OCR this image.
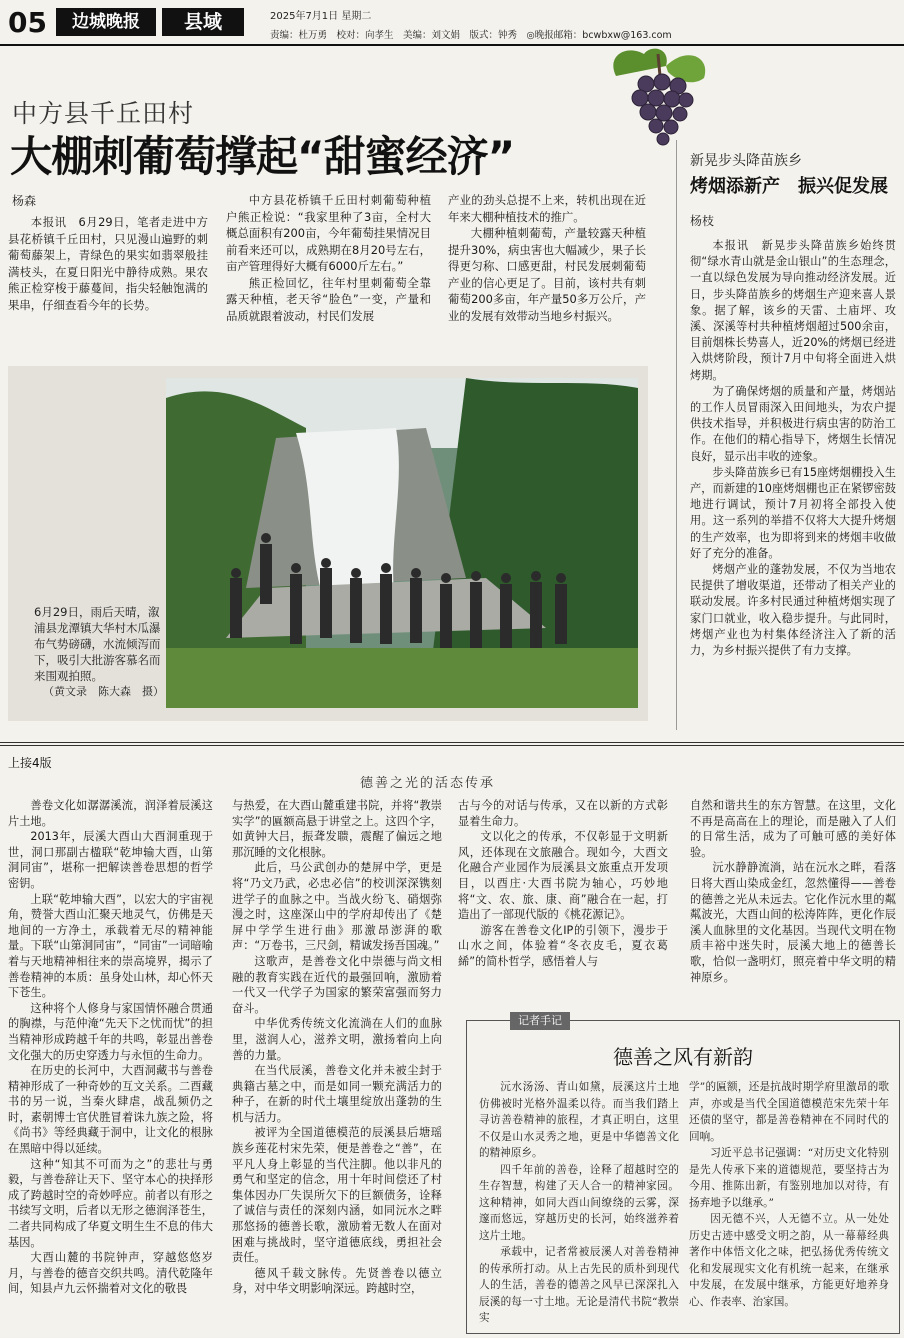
05	边城晚报	县域	2025年7月1日 星期二
责编：杜万勇　校对：向孝生　美编：刘文娟　版式：钟秀　◎晚报邮箱：bcwbxw@163.com
中方县千丘田村
大棚刺葡萄撑起“甜蜜经济”
杨森

本报讯　6月29日，笔者走进中方县花桥镇千丘田村，只见漫山遍野的刺葡萄藤架上，青绿色的果实如翡翠般挂满枝头，在夏日阳光中静待成熟。果农熊正检穿梭于藤蔓间，指尖轻触饱满的果串，仔细查看今年的长势。

中方县花桥镇千丘田村刺葡萄种植户熊正检说：“我家里种了3亩，全村大概总面积有200亩，今年葡萄挂果情况目前看来还可以，成熟期在8月20号左右，亩产管理得好大概有6000斤左右。”

熊正检回忆，往年村里刺葡萄全靠露天种植，老天爷“脸色”一变，产量和品质就跟着波动，村民们发展

产业的劲头总提不上来，转机出现在近年来大棚种植技术的推广。

大棚种植刺葡萄，产量较露天种植提升30%，病虫害也大幅减少，果子长得更匀称、口感更甜，村民发展刺葡萄产业的信心更足了。目前，该村共有刺葡萄200多亩，年产量50多万公斤，产业的发展有效带动当地乡村振兴。

新晃步头降苗族乡
烤烟添新产　振兴促发展
杨枝

本报讯　新晃步头降苗族乡始终贯彻“绿水青山就是金山银山”的生态理念，一直以绿色发展为导向推动经济发展。近日，步头降苗族乡的烤烟生产迎来喜人景象。据了解，该乡的天雷、土庙坪、攻溪、深溪等村共种植烤烟超过500余亩，目前烟株长势喜人，近20%的烤烟已经进入烘烤阶段，预计7月中旬将全面进入烘烤期。

为了确保烤烟的质量和产量，烤烟站的工作人员冒雨深入田间地头，为农户提供技术指导，并积极进行病虫害的防治工作。在他们的精心指导下，烤烟生长情况良好，显示出丰收的迹象。

步头降苗族乡已有15座烤烟棚投入生产，而新建的10座烤烟棚也正在紧锣密鼓地进行调试，预计7月初将全部投入使用。这一系列的举措不仅将大大提升烤烟的生产效率，也为即将到来的烤烟丰收做好了充分的准备。

烤烟产业的蓬勃发展，不仅为当地农民提供了增收渠道，还带动了相关产业的联动发展。许多村民通过种植烤烟实现了家门口就业，收入稳步提升。与此同时，烤烟产业也为村集体经济注入了新的活力，为乡村振兴提供了有力支撑。

6月29日，雨后天晴，溆浦县龙潭镇大华村木瓜瀑布气势磅礴，水流倾泻而下，吸引大批游客慕名而来围观拍照。
（黄文录　陈大森　摄）
上接4版
德善之光的活态传承

善卷文化如潺潺溪流，润泽着辰溪这片土地。

2013年，辰溪大酉山大酉洞重现于世，洞口那副古楹联“乾坤输大酉，山第洞同宙”，堪称一把解读善卷思想的哲学密钥。

上联“乾坤输大酉”，以宏大的宇宙视角，赞誉大酉山汇聚天地灵气，仿佛是天地间的一方净土，承载着无尽的精神能量。下联“山第洞同宙”，“同宙”一词暗喻着与天地精神相往来的崇高境界，揭示了善卷精神的本质：虽身处山林，却心怀天下苍生。

这种将个人修身与家国情怀融合贯通的胸襟，与范仲淹“先天下之忧而忧”的担当精神形成跨越千年的共鸣，彰显出善卷文化强大的历史穿透力与永恒的生命力。

在历史的长河中，大酉洞藏书与善卷精神形成了一种奇妙的互文关系。二酉藏书的另一说，当秦火肆虐，战乱频仍之时，素朝博士官伏胜冒着诛九族之险，将《尚书》等经典藏于洞中，让文化的根脉在黑暗中得以延续。

这种“知其不可而为之”的悲壮与勇毅，与善卷辞让天下、坚守本心的抉择形成了跨越时空的奇妙呼应。前者以有形之书续写文明，后者以无形之德润泽苍生，二者共同构成了华夏文明生生不息的伟大基因。

大酉山麓的书院钟声，穿越悠悠岁月，与善卷的德音交织共鸣。清代乾隆年间，知县卢九云怀揣着对文化的敬畏

与热爱，在大酉山麓重建书院，并将“教崇实学”的匾额高悬于讲堂之上。这四个字，如黄钟大吕，振聋发聩，震醒了偏远之地那沉睡的文化根脉。

此后，马公武创办的楚屏中学，更是将“乃文乃武，必忠必信”的校训深深镌刻进学子的血脉之中。当战火纷飞、硝烟弥漫之时，这座深山中的学府却传出了《楚屏中学学生进行曲》那激昂澎湃的歌声：“万卷书，三尺剑，精诚发扬吾国魂。”

这歌声，是善卷文化中崇德与尚文相融的教育实践在近代的最强回响，激励着一代又一代学子为国家的繁荣富强而努力奋斗。

中华优秀传统文化流淌在人们的血脉里，滋润人心，滋养文明，激扬着向上向善的力量。

在当代辰溪，善卷文化并未被尘封于典籍古墓之中，而是如同一颗充满活力的种子，在新的时代土壤里绽放出蓬勃的生机与活力。

被评为全国道德模范的辰溪县后塘瑶族乡莲花村宋先荣，便是善卷之“善”，在平凡人身上彰显的当代注脚。他以非凡的勇气和坚定的信念，用十年时间偿还了村集体因办厂失误所欠下的巨额债务，诠释了诚信与责任的深刻内涵，如同沅水之畔那悠扬的德善长歌，激励着无数人在面对困难与挑战时，坚守道德底线，勇担社会责任。

德风千载文脉传。先贤善卷以德立身，对中华文明影响深远。跨越时空，

古与今的对话与传承，又在以新的方式彰显着生命力。

文以化之的传承，不仅彰显于文明新风，还体现在文旅融合。现如今，大酉文化融合产业园作为辰溪县文旅重点开发项目，以酉庄·大酉书院为轴心，巧妙地将“文、农、旅、康、商”融合在一起，打造出了一部现代版的《桃花源记》。

游客在善卷文化IP的引领下，漫步于山水之间，体验着“冬衣皮毛，夏衣葛絺”的简朴哲学，感悟着人与

自然和谐共生的东方智慧。在这里，文化不再是高高在上的理论，而是融入了人们的日常生活，成为了可触可感的美好体验。

沅水静静流淌，站在沅水之畔，看落日将大酉山染成金红，忽然懂得——善卷的德善之光从未远去。它化作沅水里的粼粼波光，大酉山间的松涛阵阵，更化作辰溪人血脉里的文化基因。当现代文明在物质丰裕中迷失时，辰溪大地上的德善长歌，恰似一盏明灯，照亮着中华文明的精神原乡。

德善之风有新韵

沅水汤汤、青山如黛，辰溪这片土地仿佛被时光格外温柔以待。而当我们踏上寻访善卷精神的旅程，才真正明白，这里不仅是山水灵秀之地，更是中华德善文化的精神原乡。

四千年前的善卷，诠释了超越时空的生存智慧，构建了天人合一的精神家园。这种精神，如同大酉山间缭绕的云雾，深邃而悠远，穿越历史的长河，始终滋养着这片土地。

承载中，记者常被辰溪人对善卷精神的传承所打动。从上古先民的质朴到现代人的生活，善卷的德善之风早已深深扎入辰溪的每一寸土地。无论是清代书院“教崇实

学”的匾额，还是抗战时期学府里激昂的歌声，亦或是当代全国道德模范宋先荣十年还债的坚守，都是善卷精神在不同时代的回响。

习近平总书记强调：“对历史文化特别是先人传承下来的道德规范，要坚持古为今用、推陈出新，有鉴别地加以对待，有扬弃地予以继承。”

因无德不兴，人无德不立。从一处处历史古迹中感受文明之韵，从一幕幕经典著作中体悟文化之味，把弘扬优秀传统文化和发展现实文化有机统一起来，在继承中发展，在发展中继承，方能更好地养身心、作表率、治家国。

记者手记
